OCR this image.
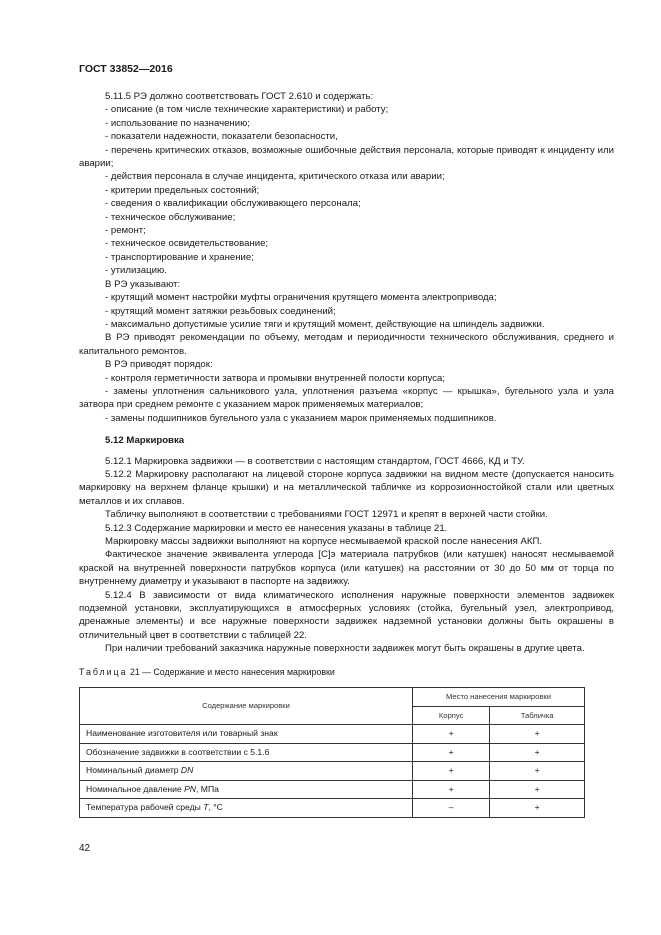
ГОСТ 33852—2016

5.11.5 РЭ должно соответствовать ГОСТ 2.610 и содержать:

- описание (в том числе технические характеристики) и работу;

- использование по назначению;

- показатели надежности, показатели безопасности,

- перечень критических отказов, возможные ошибочные действия персонала, которые приводят к инциденту или аварии;

- действия персонала в случае инцидента, критического отказа или аварии;

- критерии предельных состояний;

- сведения о квалификации обслуживающего персонала;

- техническое обслуживание;

- ремонт;

- техническое освидетельствование;

- транспортирование и хранение;

- утилизацию.

В РЭ указывают:

- крутящий момент настройки муфты ограничения крутящего момента электропривода;

- крутящий момент затяжки резьбовых соединений;

- максимально допустимые усилие тяги и крутящий момент, действующие на шпиндель задвижки.

В РЭ приводят рекомендации по объему, методам и периодичности технического обслуживания, среднего и капитального ремонтов.

В РЭ приводят порядок:

- контроля герметичности затвора и промывки внутренней полости корпуса;

- замены уплотнения сальникового узла, уплотнения разъема «корпус — крышка», бугельного узла и узла затвора при среднем ремонте с указанием марок применяемых материалов;

- замены подшипников бугельного узла с указанием марок применяемых подшипников.

5.12 Маркировка

5.12.1 Маркировка задвижки — в соответствии с настоящим стандартом, ГОСТ 4666, КД и ТУ.

5.12.2 Маркировку располагают на лицевой стороне корпуса задвижки на видном месте (допускается наносить маркировку на верхнем фланце крышки) и на металлической табличке из коррозионностойкой стали или цветных металлов и их сплавов.

Табличку выполняют в соответствии с требованиями ГОСТ 12971 и крепят в верхней части стойки.

5.12.3 Содержание маркировки и место ее нанесения указаны в таблице 21.

Маркировку массы задвижки выполняют на корпусе несмываемой краской после нанесения АКП.

Фактическое значение эквивалента углерода [С]э материала патрубков (или катушек) наносят несмываемой краской на внутренней поверхности патрубков корпуса (или катушек) на расстоянии от 30 до 50 мм от торца по внутреннему диаметру и указывают в паспорте на задвижку.

5.12.4 В зависимости от вида климатического исполнения наружные поверхности элементов задвижек подземной установки, эксплуатирующихся в атмосферных условиях (стойка, бугельный узел, электропривод, дренажные элементы) и все наружные поверхности задвижек надземной установки должны быть окрашены в отличительный цвет в соответствии с таблицей 22.

При наличии требований заказчика наружные поверхности задвижек могут быть окрашены в другие цвета.

Таблица 21 — Содержание и место нанесения маркировки
Содержание маркировки	Место нанесения маркировки	
	Корпус	Табличка
Наименование изготовителя или товарный знак	+	+
Обозначение задвижки в соответствии с 5.1.6	+	+
Номинальный диаметр DN	+	+
Номинальное давление PN, МПа	+	+
Температура рабочей среды Т, °С	–	+
42
